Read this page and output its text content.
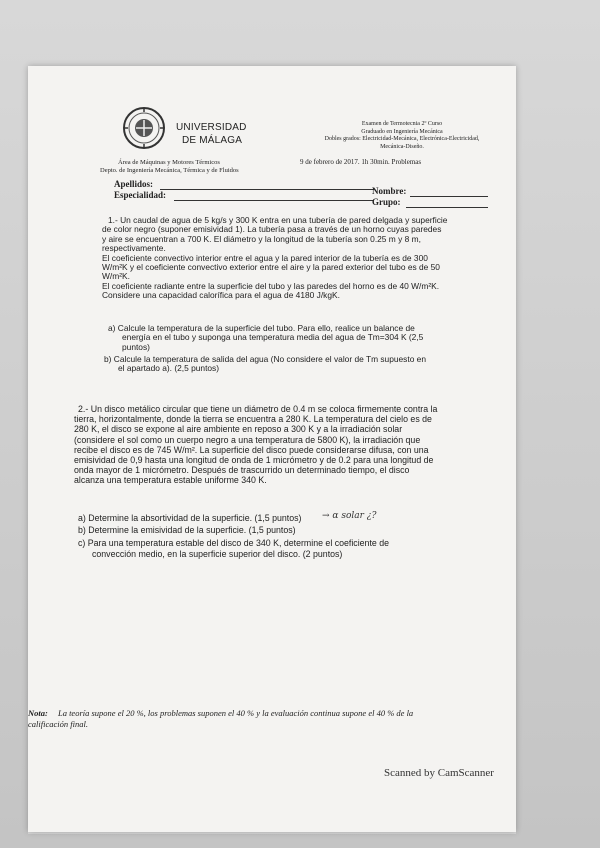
UNIVERSIDAD
DE MÁLAGA
Examen de Termotecnia 2º Curso
Graduado en Ingeniería Mecánica
Dobles grados: Electricidad-Mecánica, Electrónica-Electricidad,
Mecánica-Diseño.
9 de febrero de 2017. 1h 30min. Problemas
Área de Máquinas y Motores Térmicos
Depto. de Ingeniería Mecánica, Térmica y de Fluidos
Apellidos:
Especialidad:	Nombre:
Grupo:
1.- Un caudal de agua de 5 kg/s y 300 K entra en una tubería de pared delgada y superficie
de color negro (suponer emisividad 1). La tubería pasa a través de un horno cuyas paredes
y aire se encuentran a 700 K. El diámetro y la longitud de la tubería son 0.25 m y 8 m,
respectivamente.
El coeficiente convectivo interior entre el agua y la pared interior de la tubería es de 300
W/m²K y el coeficiente convectivo exterior entre el aire y la pared exterior del tubo es de 50
W/m²K.
El coeficiente radiante entre la superficie del tubo y las paredes del horno es de 40 W/m²K.
Considere una capacidad calorífica para el agua de 4180 J/kgK.
a) Calcule la temperatura de la superficie del tubo. Para ello, realice un balance de
energía en el tubo y suponga una temperatura media del agua de Tm=304 K (2,5
puntos)
b) Calcule la temperatura de salida del agua (No considere el valor de Tm supuesto en
el apartado a). (2,5 puntos)
2.- Un disco metálico circular que tiene un diámetro de 0.4 m se coloca firmemente contra la
tierra, horizontalmente, donde la tierra se encuentra a 280 K. La temperatura del cielo es de
280 K, el disco se expone al aire ambiente en reposo a 300 K y a la irradiación solar
(considere el sol como un cuerpo negro a una temperatura de 5800 K), la irradiación que
recibe el disco es de 745 W/m². La superficie del disco puede considerarse difusa, con una
emisividad de 0,9 hasta una longitud de onda de 1 micrómetro y de 0.2 para una longitud de
onda mayor de 1 micrómetro. Después de trascurrido un determinado tiempo, el disco
alcanza una temperatura estable uniforme 340 K.
a) Determine la absortividad de la superficie. (1,5 puntos) → α solar ¿?
b) Determine la emisividad de la superficie. (1,5 puntos)
c) Para una temperatura estable del disco de 340 K, determine el coeficiente de
convección medio, en la superficie superior del disco. (2 puntos)
Nota: La teoría supone el 20 %, los problemas suponen el 40 % y la evaluación continua supone el 40 % de la
calificación final.
Scanned by CamScanner
